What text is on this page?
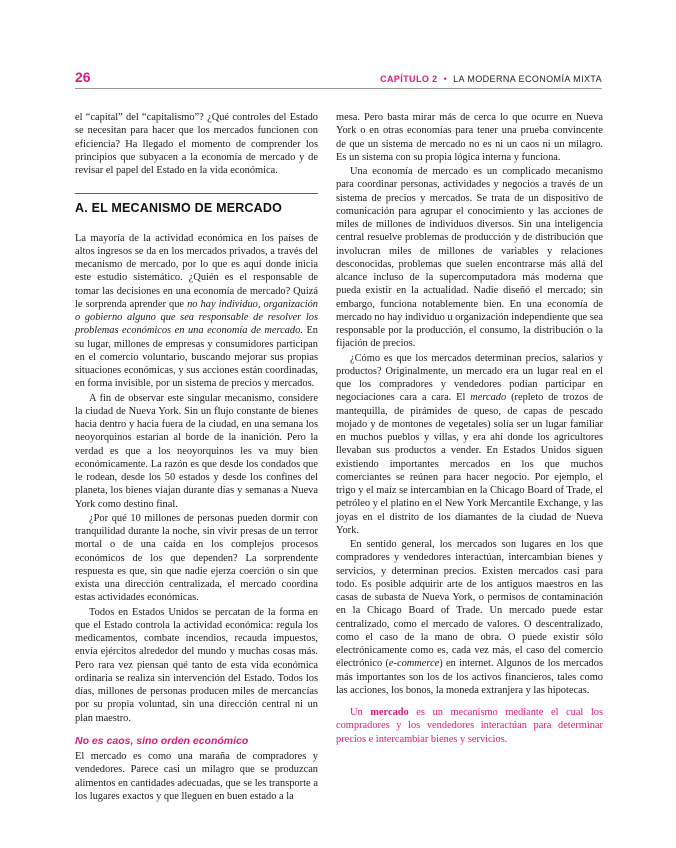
26	CAPÍTULO 2 • LA MODERNA ECONOMÍA MIXTA

el “capital” del “capitalismo”? ¿Qué controles del Estado se necesitan para hacer que los mercados funcionen con eficiencia? Ha llegado el momento de comprender los principios que subyacen a la economía de mercado y de revisar el papel del Estado en la vida económica.

A. EL MECANISMO DE MERCADO

La mayoría de la actividad económica en los países de altos ingresos se da en los mercados privados, a través del mecanismo de mercado, por lo que es aquí donde inicia este estudio sistemático. ¿Quién es el responsable de tomar las decisiones en una economía de mercado? Quizá le sorprenda aprender que no hay individuo, organización o gobierno alguno que sea responsable de resolver los problemas económicos en una economía de mercado. En su lugar, millones de empresas y consumidores participan en el comercio voluntario, buscando mejorar sus propias situaciones económicas, y sus acciones están coordinadas, en forma invisible, por un sistema de precios y mercados.

A fin de observar este singular mecanismo, considere la ciudad de Nueva York. Sin un flujo constante de bienes hacia dentro y hacia fuera de la ciudad, en una semana los neoyorquinos estarían al borde de la inanición. Pero la verdad es que a los neoyorquinos les va muy bien económicamente. La razón es que desde los condados que le rodean, desde los 50 estados y desde los confines del planeta, los bienes viajan durante días y semanas a Nueva York como destino final.

¿Por qué 10 millones de personas pueden dormir con tranquilidad durante la noche, sin vivir presas de un terror mortal o de una caída en los complejos procesos económicos de los que dependen? La sorprendente respuesta es que, sin que nadie ejerza coerción o sin que exista una dirección centralizada, el mercado coordina estas actividades económicas.

Todos en Estados Unidos se percatan de la forma en que el Estado controla la actividad económica: regula los medicamentos, combate incendios, recauda impuestos, envía ejércitos alrededor del mundo y muchas cosas más. Pero rara vez piensan qué tanto de esta vida económica ordinaria se realiza sin intervención del Estado. Todos los días, millones de personas producen miles de mercancías por su propia voluntad, sin una dirección central ni un plan maestro.

No es caos, sino orden económico

El mercado es como una maraña de compradores y vendedores. Parece casi un milagro que se produzcan alimentos en cantidades adecuadas, que se les transporte a los lugares exactos y que lleguen en buen estado a la

mesa. Pero basta mirar más de cerca lo que ocurre en Nueva York o en otras economías para tener una prueba convincente de que un sistema de mercado no es ni un caos ni un milagro. Es un sistema con su propia lógica interna y funciona.

Una economía de mercado es un complicado mecanismo para coordinar personas, actividades y negocios a través de un sistema de precios y mercados. Se trata de un dispositivo de comunicación para agrupar el conocimiento y las acciones de miles de millones de individuos diversos. Sin una inteligencia central resuelve problemas de producción y de distribución que involucran miles de millones de variables y relaciones desconocidas, problemas que suelen encontrarse más allá del alcance incluso de la supercomputadora más moderna que pueda existir en la actualidad. Nadie diseñó el mercado; sin embargo, funciona notablemente bien. En una economía de mercado no hay individuo u organización independiente que sea responsable por la producción, el consumo, la distribución o la fijación de precios.

¿Cómo es que los mercados determinan precios, salarios y productos? Originalmente, un mercado era un lugar real en el que los compradores y vendedores podían participar en negociaciones cara a cara. El mercado (repleto de trozos de mantequilla, de pirámides de queso, de capas de pescado mojado y de montones de vegetales) solía ser un lugar familiar en muchos pueblos y villas, y era ahí donde los agricultores llevaban sus productos a vender. En Estados Unidos siguen existiendo importantes mercados en los que muchos comerciantes se reúnen para hacer negocio. Por ejemplo, el trigo y el maíz se intercambian en la Chicago Board of Trade, el petróleo y el platino en el New York Mercantile Exchange, y las joyas en el distrito de los diamantes de la ciudad de Nueva York.

En sentido general, los mercados son lugares en los que compradores y vendedores interactúan, intercambian bienes y servicios, y determinan precios. Existen mercados casi para todo. Es posible adquirir arte de los antiguos maestros en las casas de subasta de Nueva York, o permisos de contaminación en la Chicago Board of Trade. Un mercado puede estar centralizado, como el mercado de valores. O descentralizado, como el caso de la mano de obra. O puede existir sólo electrónicamente como es, cada vez más, el caso del comercio electrónico (e-commerce) en internet. Algunos de los mercados más importantes son los de los activos financieros, tales como las acciones, los bonos, la moneda extranjera y las hipotecas.

Un mercado es un mecanismo mediante el cual los compradores y los vendedores interactúan para determinar precios e intercambiar bienes y servicios.
